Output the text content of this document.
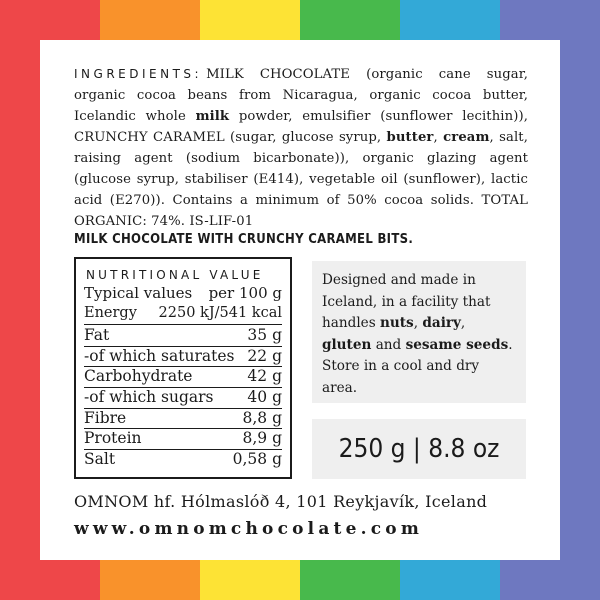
INGREDIENTS: MILK CHOCOLATE (organic cane sugar, organic cocoa beans from Nicaragua, organic cocoa butter, Icelandic whole milk powder, emulsifier (sunflower lecithin)), CRUNCHY CARAMEL (sugar, glucose syrup, butter, cream, salt, raising agent (sodium bicarbonate)), organic glazing agent (glucose syrup, stabiliser (E414), vegetable oil (sunflower), lactic acid (E270)). Contains a minimum of 50% cocoa solids. TOTAL ORGANIC: 74%. IS-LIF-01
MILK CHOCOLATE WITH CRUNCHY CARAMEL BITS.
NUTRITIONAL VALUE
Typical values per 100 g
Energy 2250 kJ/541 kcal
Fat	35 g
-of which saturates 22 g
Carbohydrate	42 g
-of which sugars 40 g
Fibre	8,8 g
Protein	8,9 g
Salt	0,58 g
Designed and made in Iceland, in a facility that handles nuts, dairy, gluten and sesame seeds. Store in a cool and dry area.
250 g | 8.8 oz
OMNOM hf. Hólmaslóð 4, 101 Reykjavík, Iceland
www.omnomchocolate.com
